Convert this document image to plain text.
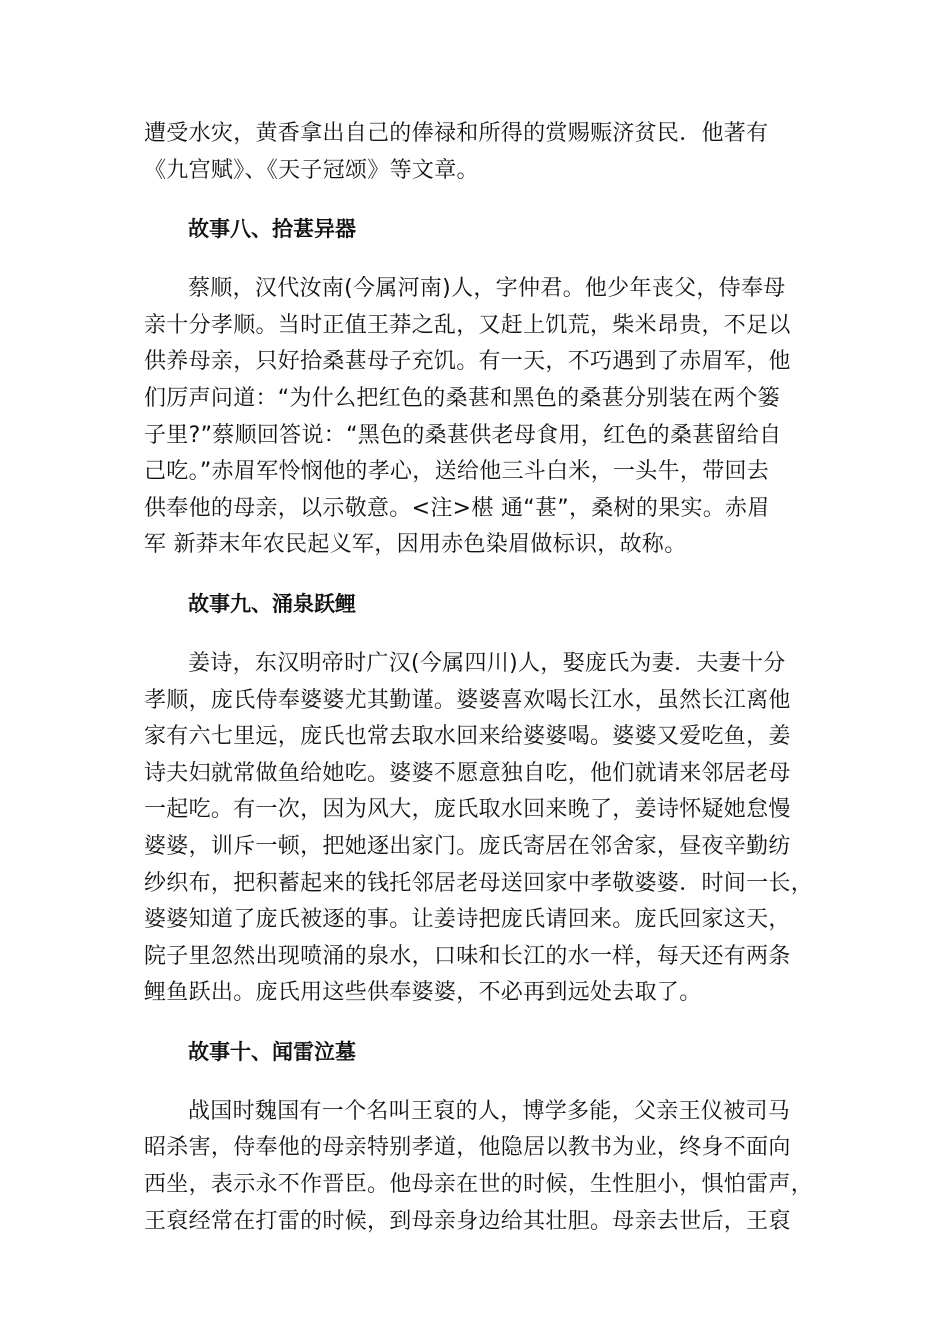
遭受水灾，黄香拿出自己的俸禄和所得的赏赐赈济贫民．他著有
《九宫赋》、《天子冠颂》等文章。
故事八、拾葚异器
蔡顺，汉代汝南(今属河南)人，字仲君。他少年丧父，侍奉母
亲十分孝顺。当时正值王莽之乱，又赶上饥荒，柴米昂贵，不足以
供养母亲，只好拾桑葚母子充饥。有一天，不巧遇到了赤眉军，他
们厉声问道：“为什么把红色的桑葚和黑色的桑葚分别装在两个篓
子里?”蔡顺回答说：“黑色的桑葚供老母食用，红色的桑葚留给自
己吃。”赤眉军怜悯他的孝心，送给他三斗白米，一头牛，带回去
供奉他的母亲，以示敬意。<注>椹 通“葚”，桑树的果实。赤眉
军 新莽末年农民起义军，因用赤色染眉做标识，故称。
故事九、涌泉跃鲤
姜诗，东汉明帝时广汉(今属四川)人，娶庞氏为妻．夫妻十分
孝顺，庞氏侍奉婆婆尤其勤谨。婆婆喜欢喝长江水，虽然长江离他
家有六七里远，庞氏也常去取水回来给婆婆喝。婆婆又爱吃鱼，姜
诗夫妇就常做鱼给她吃。婆婆不愿意独自吃，他们就请来邻居老母
一起吃。有一次，因为风大，庞氏取水回来晚了，姜诗怀疑她怠慢
婆婆，训斥一顿，把她逐出家门。庞氏寄居在邻舍家，昼夜辛勤纺
纱织布，把积蓄起来的钱托邻居老母送回家中孝敬婆婆．时间一长，
婆婆知道了庞氏被逐的事。让姜诗把庞氏请回来。庞氏回家这天，
院子里忽然出现喷涌的泉水，口味和长江的水一样，每天还有两条
鲤鱼跃出。庞氏用这些供奉婆婆，不必再到远处去取了。
故事十、闻雷泣墓
战国时魏国有一个名叫王裒的人，博学多能，父亲王仪被司马
昭杀害，侍奉他的母亲特别孝道，他隐居以教书为业，终身不面向
西坐，表示永不作晋臣。他母亲在世的时候，生性胆小，惧怕雷声，
王裒经常在打雷的时候，到母亲身边给其壮胆。母亲去世后，王裒
